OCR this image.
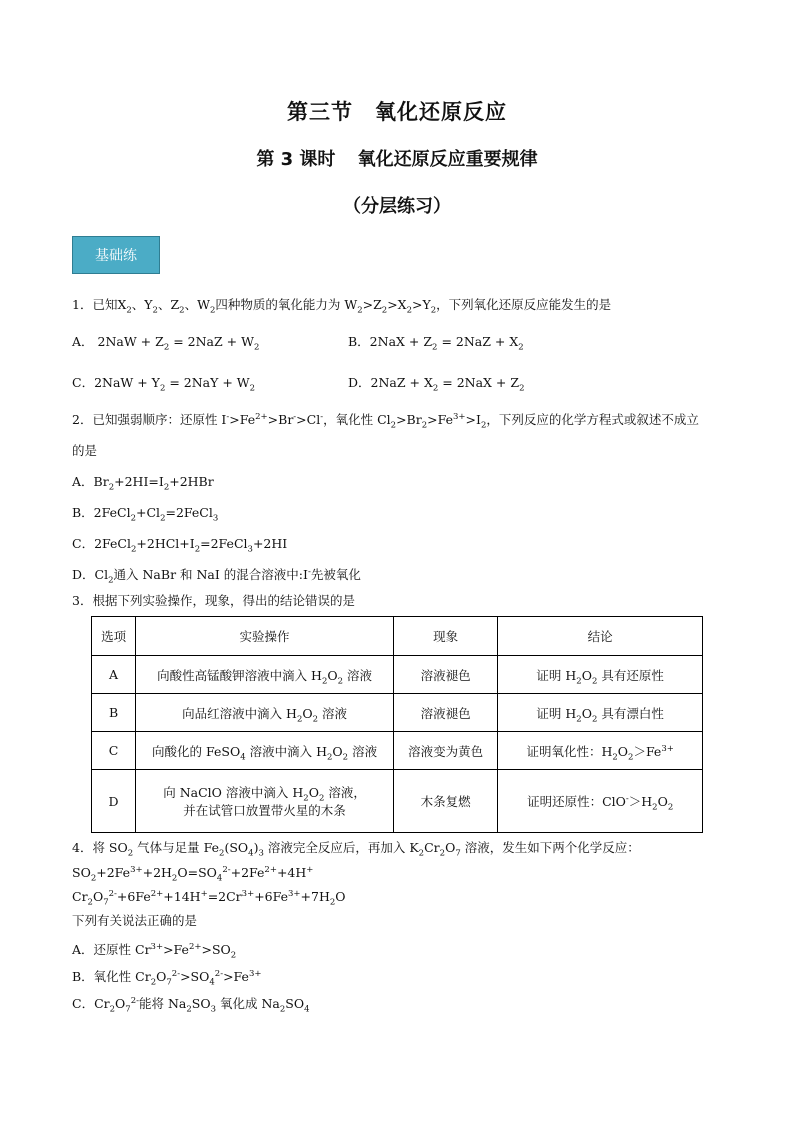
第三节　氧化还原反应
第 3 课时 氧化还原反应重要规律
（分层练习）
基础练
1．已知$X_2$、$Y_2$、$Z_2$、$W_2$四种物质的氧化能力为 $W_2>Z_2>X_2>Y_2$，下列氧化还原反应能发生的是
A． $2NaW + Z_2 = 2NaZ + W_2$	B．$2NaX + Z_2 = 2NaZ + X_2$
C．$2NaW + Y_2 = 2NaY + W_2$	D．$2NaZ + X_2 = 2NaX + Z_2$
2．已知强弱顺序：还原性 $I^->Fe^{2+}>Br^->Cl^-$，氧化性 $Cl_2>Br_2>Fe^{3+}>I_2$，下列反应的化学方程式或叙述不成立
的是
A．$Br_2+2HI=I_2+2HBr$
B．$2FeCl_2+Cl_2=2FeCl_3$
C．$2FeCl_2+2HCl+I_2=2FeCl_3+2HI$
D．$Cl_2$通入 NaBr 和 NaI 的混合溶液中:I-先被氧化
3．根据下列实验操作，现象，得出的结论错误的是
选项	实验操作	现象	结论
A	向酸性高锰酸钾溶液中滴入 $H_2O_2$ 溶液	溶液褪色	证明 $H_2O_2$ 具有还原性
B	向品红溶液中滴入 $H_2O_2$ 溶液	溶液褪色	证明 $H_2O_2$ 具有漂白性
C	向酸化的 FeSO$_4$ 溶液中滴入 $H_2O_2$ 溶液	溶液变为黄色	证明氧化性：$H_2O_2>Fe^{3+}$
D	向 NaClO 溶液中滴入 $H_2O_2$ 溶液，
并在试管口放置带火星的木条	木条复燃	证明还原性：$ClO^->H_2O_2$
4．将 $SO_2$ 气体与足量 $Fe_2(SO_4)_3$ 溶液完全反应后，再加入 $K_2Cr_2O_7$ 溶液，发生如下两个化学反应：
$SO_2+2Fe^{3+}+2H_2O=SO_4^{2-}+2Fe^{2+}+4H^+$
$Cr_2O_7^{2-}+6Fe^{2+}+14H^+=2Cr^{3+}+6Fe^{3+}+7H_2O$
下列有关说法正确的是
A．还原性 $Cr^{3+}>Fe^{2+}>SO_2$
B．氧化性 $Cr_2O_7^{2-}>SO_4^{2-}>Fe^{3+}$
C．$Cr_2O_7^{2-}$能将 $Na_2SO_3$ 氧化成 $Na_2SO_4$
